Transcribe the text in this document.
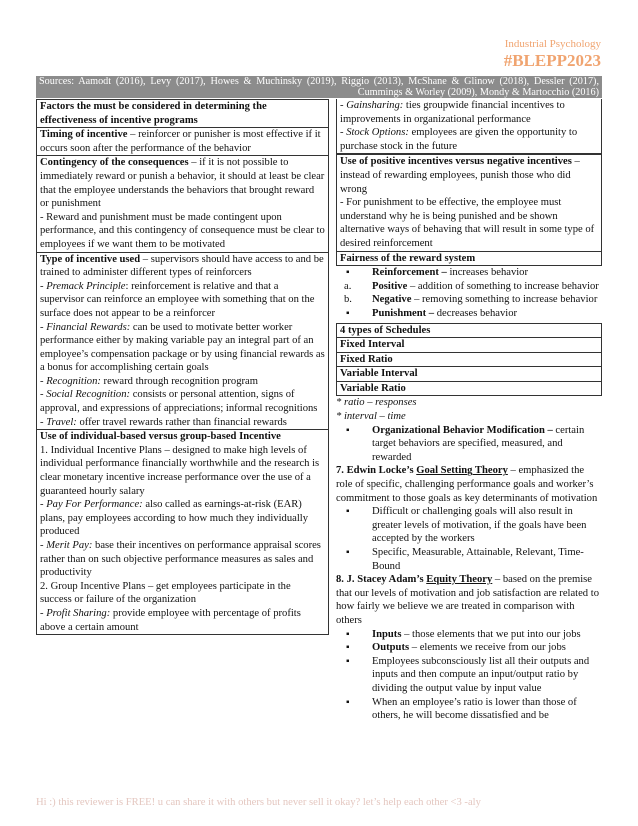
Industrial Psychology
#BLEPP2023
Sources: Aamodt (2016), Levy (2017), Howes & Muchinsky (2019), Riggio (2013), McShane & Glinow (2018), Dessler (2017), Cummings & Worley (2009), Mondy & Martocchio (2016)
Factors the must be considered in determining the effectiveness of incentive programs
Timing of incentive – reinforcer or punisher is most effective if it occurs soon after the performance of the behavior
Contingency of the consequences – if it is not possible to immediately reward or punish a behavior, it should at least be clear that the employee understands the behaviors that brought reward or punishment
- Reward and punishment must be made contingent upon performance, and this contingency of consequence must be clear to employees if we want them to be motivated
Type of incentive used – supervisors should have access to and be trained to administer different types of reinforcers
- Premack Principle: reinforcement is relative and that a supervisor can reinforce an employee with something that on the surface does not appear to be a reinforcer
- Financial Rewards: can be used to motivate better worker performance either by making variable pay an integral part of an employee’s compensation package or by using financial rewards as a bonus for accomplishing certain goals
- Recognition: reward through recognition program
- Social Recognition: consists or personal attention, signs of approval, and expressions of appreciations; informal recognitions
- Travel: offer travel rewards rather than financial rewards
Use of individual-based versus group-based Incentive
1. Individual Incentive Plans – designed to make high levels of individual performance financially worthwhile and the research is clear monetary incentive increase performance over the use of a guaranteed hourly salary
- Pay For Performance: also called as earnings-at-risk (EAR) plans, pay employees according to how much they individually produced
- Merit Pay: base their incentives on performance appraisal scores rather than on such objective performance measures as sales and productivity
2. Group Incentive Plans – get employees participate in the success or failure of the organization
- Profit Sharing: provide employee with percentage of profits above a certain amount
- Gainsharing: ties groupwide financial incentives to improvements in organizational performance
- Stock Options: employees are given the opportunity to purchase stock in the future
Use of positive incentives versus negative incentives – instead of rewarding employees, punish those who did wrong
- For punishment to be effective, the employee must understand why he is being punished and be shown alternative ways of behaving that will result in some type of desired reinforcement
Fairness of the reward system
▪ Reinforcement – increases behavior
a. Positive – addition of something to increase behavior
b. Negative – removing something to increase behavior
▪ Punishment – decreases behavior
4 types of Schedules
Fixed Interval
Fixed Ratio
Variable Interval
Variable Ratio
* ratio – responses
* interval – time
▪ Organizational Behavior Modification – certain target behaviors are specified, measured, and rewarded
7. Edwin Locke’s Goal Setting Theory – emphasized the role of specific, challenging performance goals and worker’s commitment to those goals as key determinants of motivation
▪ Difficult or challenging goals will also result in greater levels of motivation, if the goals have been accepted by the workers
▪ Specific, Measurable, Attainable, Relevant, Time-Bound
8. J. Stacey Adam’s Equity Theory – based on the premise that our levels of motivation and job satisfaction are related to how fairly we believe we are treated in comparison with others
▪ Inputs – those elements that we put into our jobs
▪ Outputs – elements we receive from our jobs
▪ Employees subconsciously list all their outputs and inputs and then compute an input/output ratio by dividing the output value by input value
▪ When an employee’s ratio is lower than those of others, he will become dissatisfied and be
Hi :) this reviewer is FREE! u can share it with others but never sell it okay? let’s help each other <3 -aly
